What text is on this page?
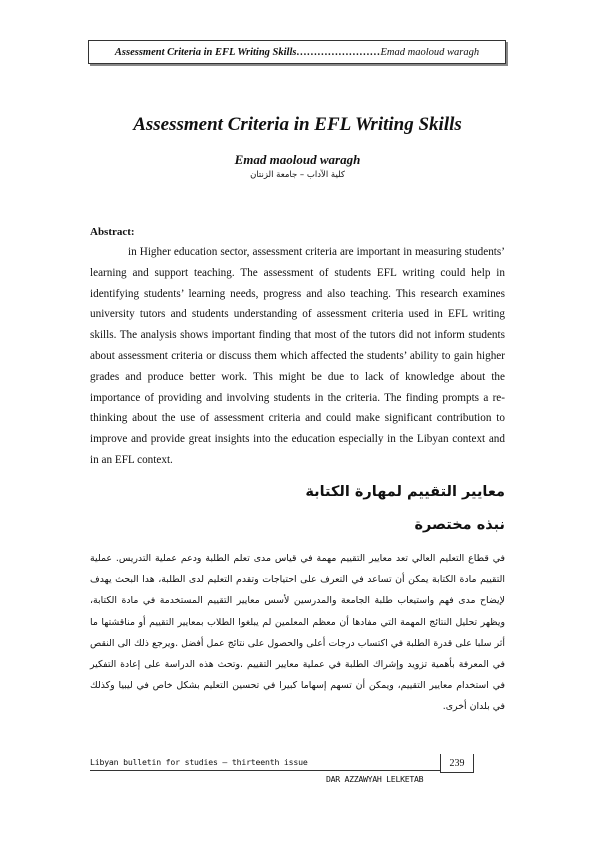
Assessment Criteria in EFL Writing Skills…………………… Emad maoloud waragh
Assessment Criteria in EFL Writing Skills
Emad maoloud waragh
كلية الآداب – جامعة الزنتان
Abstract:

in Higher education sector, assessment criteria are important in measuring students’ learning and support teaching. The assessment of students EFL writing could help in identifying students’ learning needs, progress and also teaching. This research examines university tutors and students understanding of assessment criteria used in EFL writing skills. The analysis shows important finding that most of the tutors did not inform students about assessment criteria or discuss them which affected the students’ ability to gain higher grades and produce better work. This might be due to lack of knowledge about the importance of providing and involving students in the criteria. The finding prompts a re-thinking about the use of assessment criteria and could make significant contribution to improve and provide great insights into the education especially in the Libyan context and in an EFL context.

معايير التقييم لمهارة الكتابة
نبذه مختصرة

في قطاع التعليم العالي تعد معايير التقييم مهمة في قياس مدى تعلم الطلبة ودعم عملية التدريس. عملية التقييم مادة الكتابة يمكن أن تساعد في التعرف على احتياجات وتقدم التعليم لدى الطلبة، هدا البحث يهدف لإيضاح مدى فهم واستيعاب طلبة الجامعة والمدرسين لأسس معايير التقييم المستخدمة في مادة الكتابة، ويظهر تحليل النتائج المهمة التي مفادها أن معظم المعلمين لم يبلغوا الطلاب بمعايير التقييم أو مناقشتها ما أثر سلبا على قدرة الطلبة في اكتساب درجات أعلى والحصول على نتائج عمل أفضل .ويرجع ذلك الى النقص في المعرفة بأهمية تزويد وإشراك الطلبة في عملية معايير التقييم .وتحث هذه الدراسة على إعادة التفكير في استخدام معايير التقييم، ويمكن أن تسهم إسهاما كبيرا في تحسين التعليم بشكل خاص في ليبيا وكذلك في بلدان أخرى.

Libyan bulletin for studies – thirteenth issue	239
DAR AZZAWYAH LELKETAB
